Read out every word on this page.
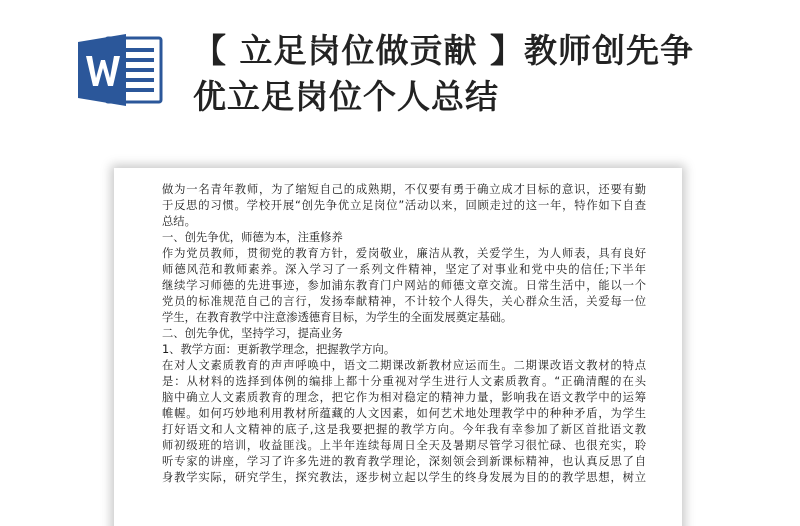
【 立足岗位做贡献 】教师创先争
优立足岗位个人总结
做为一名青年教师，为了缩短自己的成熟期，不仅要有勇于确立成才目标的意识，还要有勤
于反思的习惯。学校开展“创先争优立足岗位”活动以来，回顾走过的这一年，特作如下自查
总结。
一、创先争优，师德为本，注重修养
作为党员教师，贯彻党的教育方针，爱岗敬业，廉洁从教，关爱学生，为人师表，具有良好
师德风范和教师素养。深入学习了一系列文件精神，坚定了对事业和党中央的信任;下半年
继续学习师德的先进事迹，参加浦东教育门户网站的师德文章交流。日常生活中，能以一个
党员的标准规范自己的言行，发扬奉献精神，不计较个人得失，关心群众生活，关爱每一位
学生，在教育教学中注意渗透德育目标，为学生的全面发展奠定基础。
二、创先争优，坚持学习，提高业务
1、教学方面：更新教学理念，把握教学方向。
在对人文素质教育的声声呼唤中，语文二期课改新教材应运而生。二期课改语文教材的特点
是：从材料的选择到体例的编排上都十分重视对学生进行人文素质教育。“正确清醒的在头
脑中确立人文素质教育的理念，把它作为相对稳定的精神力量，影响我在语文教学中的运筹
帷幄。如何巧妙地利用教材所蕴藏的人文因素，如何艺术地处理教学中的种种矛盾，为学生
打好语文和人文精神的底子,这是我要把握的教学方向。今年我有幸参加了新区首批语文教
师初级班的培训，收益匪浅。上半年连续每周日全天及暑期尽管学习很忙碌、也很充实，聆
听专家的讲座，学习了许多先进的教育教学理论，深刻领会到新课标精神，也认真反思了自
身教学实际，研究学生，探究教法，逐步树立起以学生的终身发展为目的的教学思想，树立
